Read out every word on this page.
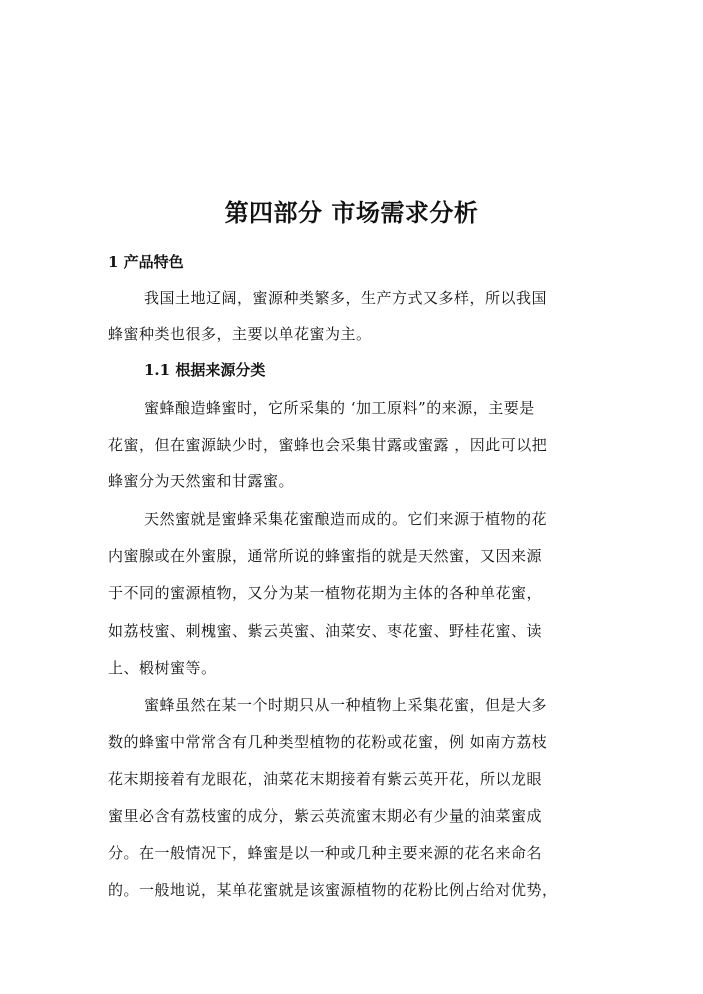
第四部分 市场需求分析
1 产品特色
我国土地辽阔，蜜源种类繁多，生产方式又多样，所以我国
蜂蜜种类也很多，主要以单花蜜为主。
1.1 根据来源分类
蜜蜂酿造蜂蜜时，它所采集的 ‘加工原料”的来源，主要是
花蜜，但在蜜源缺少时，蜜蜂也会采集甘露或蜜露 ，因此可以把
蜂蜜分为天然蜜和甘露蜜。
天然蜜就是蜜蜂采集花蜜酿造而成的。它们来源于植物的花
内蜜腺或在外蜜腺，通常所说的蜂蜜指的就是天然蜜，又因来源
于不同的蜜源植物，又分为某一植物花期为主体的各种单花蜜，
如荔枝蜜、刺槐蜜、紫云英蜜、油菜安、枣花蜜、野桂花蜜、读
上、椴树蜜等。
蜜蜂虽然在某一个时期只从一种植物上采集花蜜，但是大多
数的蜂蜜中常常含有几种类型植物的花粉或花蜜，例 如南方荔枝
花末期接着有龙眼花，油菜花末期接着有紫云英开花，所以龙眼
蜜里必含有荔枝蜜的成分，紫云英流蜜末期必有少量的油菜蜜成
分。在一般情况下，蜂蜜是以一种或几种主要来源的花名来命名
的。一般地说，某单花蜜就是该蜜源植物的花粉比例占给对优势，
